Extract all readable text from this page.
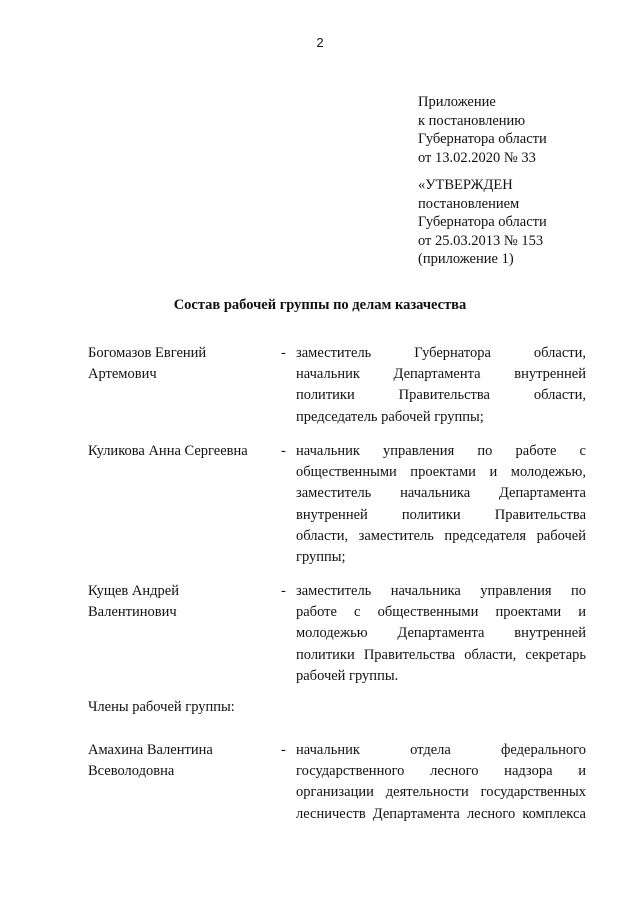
2
Приложение
к постановлению
Губернатора области
от 13.02.2020 № 33
«УТВЕРЖДЕН
постановлением
Губернатора области
от 25.03.2013 № 153
(приложение 1)
Состав рабочей группы по делам казачества
Богомазов Евгений
Артемович
- заместитель Губернатора области,
начальник Департамента внутренней
политики Правительства области,
председатель рабочей группы;
Куликова Анна Сергеевна	- начальник управления по работе с
общественными проектами и молодежью,
заместитель начальника Департамента
внутренней политики Правительства
области, заместитель председателя рабочей
группы;
Кущев Андрей
Валентинович
- заместитель начальника управления по
работе с общественными проектами и
молодежью Департамента внутренней
политики Правительства области, секретарь
рабочей группы.
Члены рабочей группы:
Амахина Валентина
Всеволодовна
- начальник отдела федерального
государственного лесного надзора и
организации деятельности государственных
лесничеств Департамента лесного комплекса
